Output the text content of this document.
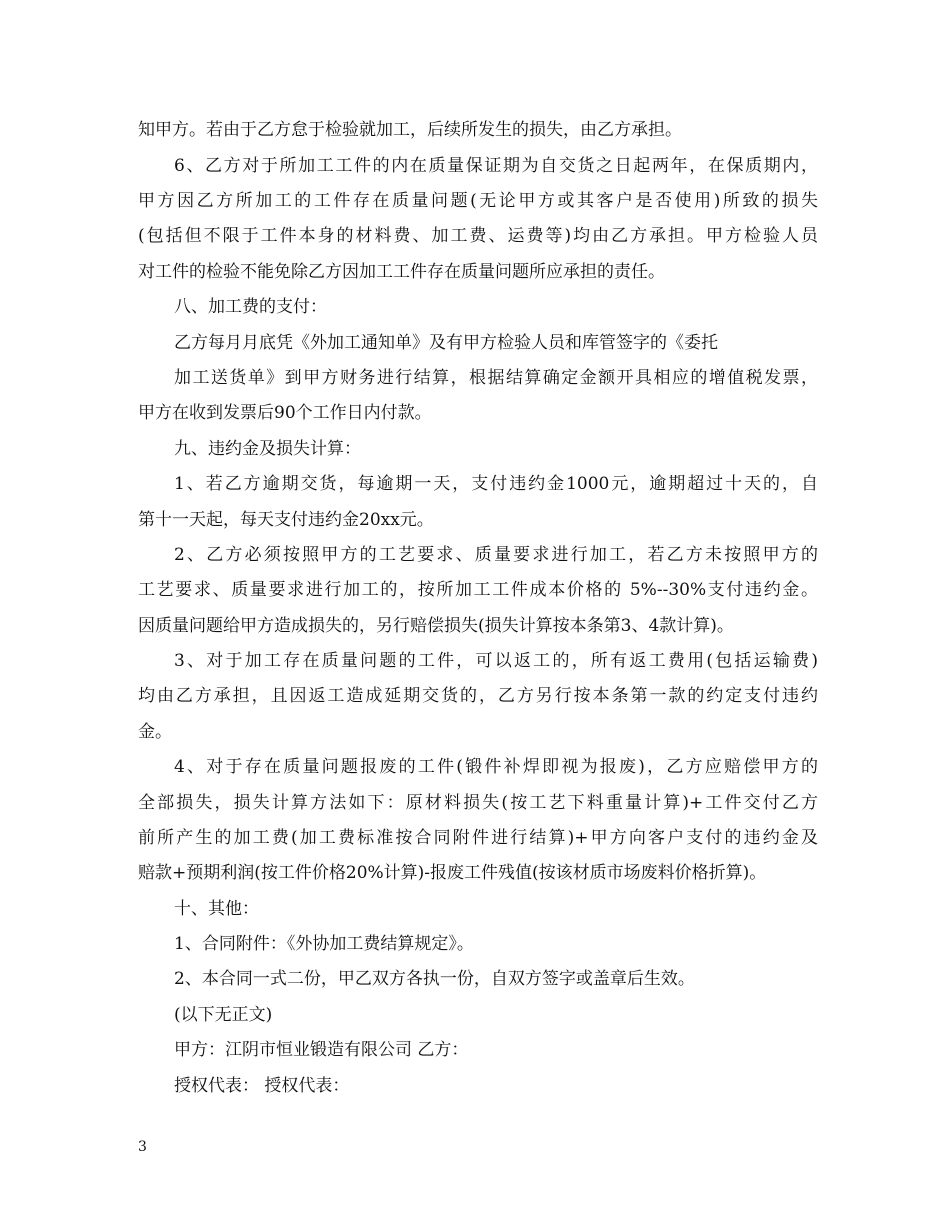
知甲方。若由于乙方怠于检验就加工，后续所发生的损失，由乙方承担。
6、乙方对于所加工工件的内在质量保证期为自交货之日起两年，在保质期内，
甲方因乙方所加工的工件存在质量问题(无论甲方或其客户是否使用)所致的损失
(包括但不限于工件本身的材料费、加工费、运费等)均由乙方承担。甲方检验人员
对工件的检验不能免除乙方因加工工件存在质量问题所应承担的责任。
八、加工费的支付：
乙方每月月底凭《外加工通知单》及有甲方检验人员和库管签字的《委托
加工送货单》到甲方财务进行结算，根据结算确定金额开具相应的增值税发票，
甲方在收到发票后90个工作日内付款。
九、违约金及损失计算：
1、若乙方逾期交货，每逾期一天，支付违约金1000元，逾期超过十天的，自
第十一天起，每天支付违约金20xx元。
2、乙方必须按照甲方的工艺要求、质量要求进行加工，若乙方未按照甲方的
工艺要求、质量要求进行加工的，按所加工工件成本价格的 5%--30%支付违约金。
因质量问题给甲方造成损失的，另行赔偿损失(损失计算按本条第3、4款计算)。
3、对于加工存在质量问题的工件，可以返工的，所有返工费用(包括运输费)
均由乙方承担，且因返工造成延期交货的，乙方另行按本条第一款的约定支付违约
金。
4、对于存在质量问题报废的工件(锻件补焊即视为报废)，乙方应赔偿甲方的
全部损失，损失计算方法如下：原材料损失(按工艺下料重量计算)+工件交付乙方
前所产生的加工费(加工费标准按合同附件进行结算)+甲方向客户支付的违约金及
赔款+预期利润(按工件价格20%计算)-报废工件残值(按该材质市场废料价格折算)。
十、其他：
1、合同附件：《外协加工费结算规定》。
2、本合同一式二份，甲乙双方各执一份，自双方签字或盖章后生效。
(以下无正文)
甲方：江阴市恒业锻造有限公司 乙方：
授权代表： 授权代表：
3
